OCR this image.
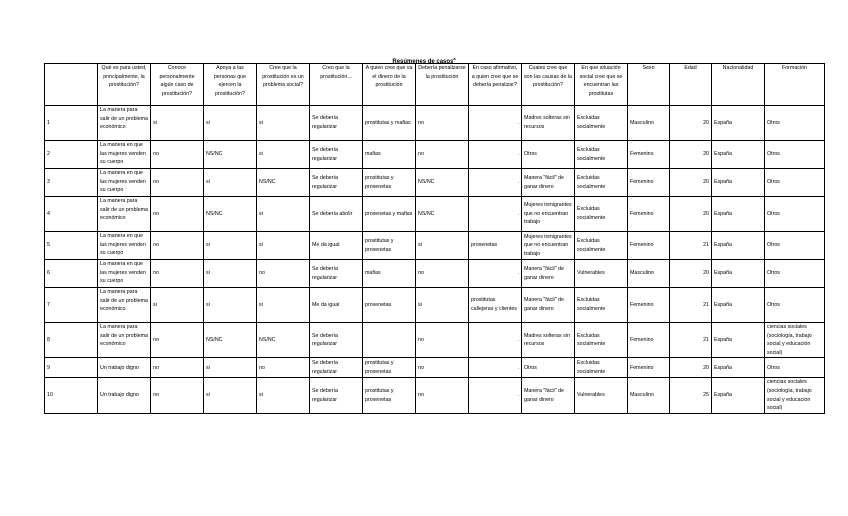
Resúmenes de casos$^a$
	Qué es para usted, principalmente, la prostitución?	Conoce personalmente algún caso de prostitución?	Apoya a las personas que ejercen la prostitución?	Cree que la prostitución es un problema social?	Creo que la prostitución...	A quien cree que va el dinero de la prostitución	Debería penalizarse la prostitución	En caso afirmativo, a quien cree que se debería penalizar?	Cuales cree que son las causas de la prostitución?	En que situación social cree que se encuentran las prostitutas	Sexo	Edad	Nacionalidad	Formación
1	La manera para salir de un problema económico	si	si	si	Se debería regularizar	prostitutas y mafias	no	.	Madres solteras sin recursos	Excluidas socialmente	Masculino	20	España	Otros
2	La manera en que las mujeres venden su cuerpo	no	NS/NC	si	Se debería regularizar	mafias	no	.	Otros	Excluidas socialmente	Femenino	20	España	Otros
3	La manera en que las mujeres venden su cuerpo	no	si	NS/NC	Se debería regularizar	prostitutas y proxenetas	NS/NC	.	Manera "fácil" de ganar dinero	Excluidas socialmente	Femenino	20	España	Otros
4	La manera para salir de un problema económico	no	NS/NC	si	Se debería abolir	proxenetas y mafias	NS/NC	.	Mujeres inmigrantes que no encuentran trabajo	Excluidas socialmente	Femenino	20	España	Otros
5	La manera en que las mujeres venden su cuerpo	no	si	si	Me da igual	prostitutas y proxenetas	si	proxenetas	Mujeres inmigrantes que no encuentran trabajo	Excluidas socialmente	Femenino	21	España	Otros
6	La manera en que las mujeres venden su cuerpo	no	si	no	Se debería regularizar	mafias	no	.	Manera "fácil" de ganar dinero	Vulnerables	Masculino	20	España	Otros
7	La manera para salir de un problema económico	si	si	si	Me da igual	proxenetas	si	prostitutas callejeras y clientes	Manera "fácil" de ganar dinero	Excluidas socialmente	Femenino	21	España	Otros
8	La manera para salir de un problema económico	no	NS/NC	NS/NC	Se debería regularizar		no	.	Madres solteras sin recursos	Excluidas socialmente	Femenino	21	España	ciencias sociales (sociología, trabajo social y educación social)
9	Un trabajo digno	no	si	no	Se debería regularizar	prostitutas y proxenetas	no	.	Otros	Excluidas socialmente	Femenino	20	España	Otros
10	Un trabajo digno	no	si	si	Se debería regularizar	prostitutas y proxenetas	no	.	Manera "fácil" de ganar dinero	Vulnerables	Masculino	25	España	ciencias sociales (sociología, trabajo social y educación social)
